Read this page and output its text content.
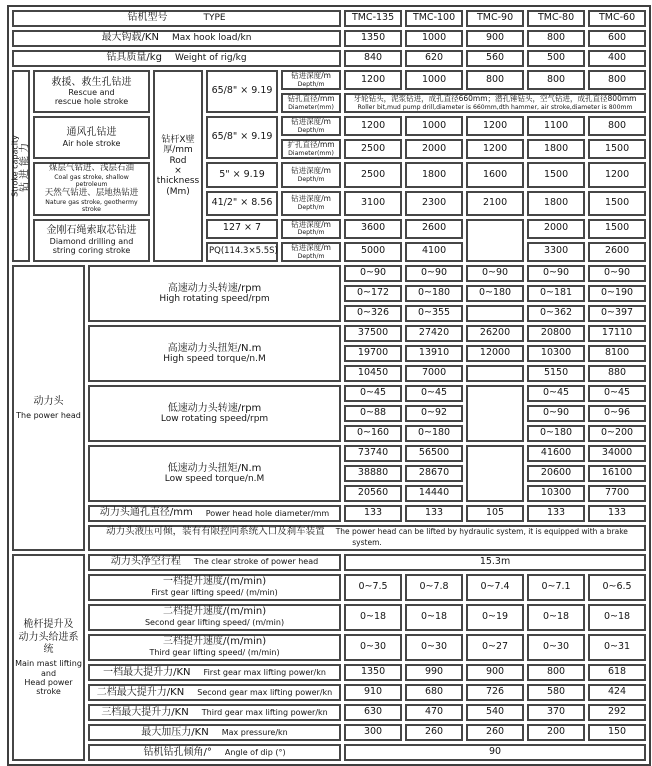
钻机型号 TYPE						TMC-135	TMC-100	TMC-90	TMC-80	TMC-60
最大钩载/KN Max hook load/kn						1350	1000	900	800	600
钻具质量/kg Weight of rig/kg						840	620	560	500	400

Stroke capacity 钻进能力	救援、救生孔钻进
Rescue and
rescue hole stroke		钻杆X壁厚/mm
Rod
×
thickness
(Mm)	65/8" × 9.19	钻进深度/m
Depth/m	1200	1000	800	800	800

					钻孔直径/mm
Diameter(mm)	牙轮钻头，泥浆钻进，成孔直径660mm；潜孔锤钻头，空气钻进，成孔直径800mm
Roller bit,mud pump drill,diameter is 660mm,dth hammer, air stroke,diameter is 800mm				

	通风孔钻进
Air hole stroke			65/8" × 9.19	钻进深度/m
Depth/m	1200	1000	1200	1100	800

					扩孔直径/mm
Diameter(mm)	2500	2000	1200	1800	1500

	煤层气钻进、浅层石油
Coal gas stroke, shallow petroleum
天然气钻进、层地热钻进
Nature gas stroke, geothermy stroke			5" × 9.19	钻进深度/m
Depth/m	2500	1800	1600	1500	1200
				41/2" × 8.56	钻进深度/m
Depth/m	3100	2300	2100	1800	1500

	金刚石绳索取芯钻进
Diamond drilling and
string coring stroke			127 × 7	钻进深度/m
Depth/m	3600	2600		2000	1500
				PQ(114.3×5.5S)	钻进深度/m
Depth/m	5000	4100		3300	2600

动力头
The power head		高速动力头转速/rpm
High rotating speed/rpm				0~90	0~90	0~90	0~90	0~90
						0~172	0~180	0~180	0~181	0~190
						0~326	0~355		0~362	0~397

		高速动力头扭矩/N.m
High speed torque/n.M				37500	27420	26200	20800	17110
						19700	13910	12000	10300	8100
						10450	7000		5150	880

		低速动力头转速/rpm
Low rotating speed/rpm				0~45	0~45		0~45	0~45
						0~88	0~92		0~90	0~96
						0~160	0~180		0~180	0~200

		低速动力头扭矩/N.m
Low speed torque/n.M				73740	56500		41600	34000
						38880	28670		20600	16100
						20560	14440		10300	7700
		动力头通孔直径/mm Power head hole diameter/mm				133	133	105	133	133
		动力头液压可倾，装有有限控向系统入口及刹车装置 The power head can be lifted by hydraulic system, it is equipped with a brake system.								

桅杆提升及
动力头给进系统
Main mast lifting
and
Head power stroke		动力头净空行程 The clear stroke of power head				15.3m				
		一档提升速度/(m/min) First gear lifting speed/ (m/min)				0~7.5	0~7.8	0~7.4	0~7.1	0~6.5
		二档提升速度/(m/min) Second gear lifting speed/ (m/min)				0~18	0~18	0~19	0~18	0~18
		三档提升速度/(m/min) Third gear lifting speed/ (m/min)				0~30	0~30	0~27	0~30	0~31
		一档最大提升力/KN First gear max lifting power/kn				1350	990	900	800	618
		二档最大提升力/KN Second gear max lifting power/kn				910	680	726	580	424
		三档最大提升力/KN Third gear max lifting power/kn				630	470	540	370	292
		最大加压力/KN Max pressure/kn				300	260	260	200	150
		钻机钻孔倾角/° Angle of dip (°)				90				
